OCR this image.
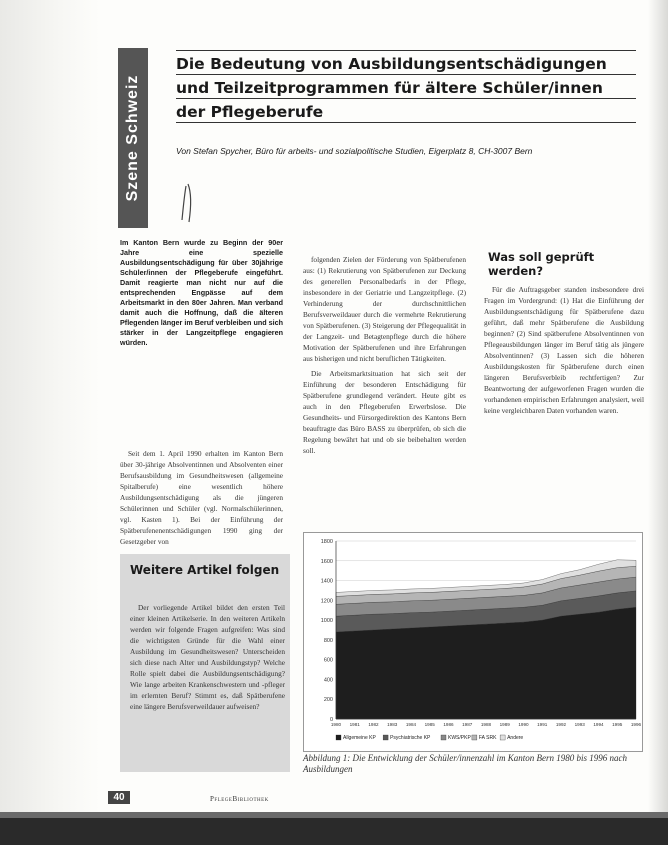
Szene Schweiz
Die Bedeutung von Ausbildungsentschädigungen
und Teilzeitprogrammen für ältere Schüler/innen
der Pflegeberufe
Von Stefan Spycher, Büro für arbeits- und sozialpolitische Studien, Eigerplatz 8, CH-3007 Bern
Im Kanton Bern wurde zu Beginn der 90er Jahre eine spezielle Ausbildungsentschädigung für über 30jährige Schüler/innen der Pflegeberufe eingeführt. Damit reagierte man nicht nur auf die entsprechenden Engpässe auf dem Arbeitsmarkt in den 80er Jahren. Man verband damit auch die Hoffnung, daß die älteren Pflegenden länger im Beruf verbleiben und sich stärker in der Langzeitpflege engagieren würden.

Seit dem 1. April 1990 erhalten im Kanton Bern über 30-jährige Absolventinnen und Absolventen einer Berufsausbildung im Gesundheitswesen (allgemeine Spitalberufe) eine wesentlich höhere Ausbildungsentschädigung als die jüngeren Schülerinnen und Schüler (vgl. Normalschülerinnen, vgl. Kasten 1). Bei der Einführung der Spätberufenenentschädigungen 1990 ging der Gesetzgeber von

folgenden Zielen der Förderung von Spätberufenen aus: (1) Rekrutierung von Spätberufenen zur Deckung des generellen Personalbedarfs in der Pflege, insbesondere in der Geriatrie und Langzeitpflege. (2) Verhinderung der durchschnittlichen Berufsverweildauer durch die vermehrte Rekrutierung von Spätberufenen. (3) Steigerung der Pflegequalität in der Langzeit- und Betagtenpflege durch die höhere Motivation der Spätberufenen und ihre Erfahrungen aus bisherigen und nicht beruflichen Tätigkeiten.

Die Arbeitsmarktsituation hat sich seit der Einführung der besonderen Entschädigung für Spätberufene grundlegend verändert. Heute gibt es auch in den Pflegeberufen Erwerbslose. Die Gesundheits- und Fürsorgedirektion des Kantons Bern beauftragte das Büro BASS zu überprüfen, ob sich die Regelung bewährt hat und ob sie beibehalten werden soll.

Was soll geprüft werden?

Für die Auftragsgeber standen insbesondere drei Fragen im Vordergrund: (1) Hat die Einführung der Ausbildungsentschädigung für Spätberufene dazu geführt, daß mehr Spätberufene die Ausbildung beginnen? (2) Sind spätberufene Absolventinnen von Pflegeausbildungen länger im Beruf tätig als jüngere Absolventinnen? (3) Lassen sich die höheren Ausbildungskosten für Spätberufene durch einen längeren Berufsverbleib rechtfertigen? Zur Beantwortung der aufgeworfenen Fragen wurden die vorhandenen empirischen Erfahrungen analysiert, weil keine vergleichbaren Daten vorhanden waren.

Weitere Artikel folgen
Der vorliegende Artikel bildet den ersten Teil einer kleinen Artikelserie. In den weiteren Artikeln werden wir folgende Fragen aufgreifen: Was sind die wichtigsten Gründe für die Wahl einer Ausbildung im Gesundheitswesen? Unterscheiden sich diese nach Alter und Ausbildungstyp? Welche Rolle spielt dabei die Ausbildungsentschädigung? Wie lange arbeiten Krankenschwestern und -pfleger im erlernten Beruf? Stimmt es, daß Spätberufene eine längere Berufsverweildauer aufweisen?
0
200
400
600
800
1000
1200
1400
1600
1800
1980 1981 1982 1983 1984 1985 1986 1987 1988 1989 1990 1991 1992 1993 1994 1995 1996
Allgemeine KP	Psychiatrische KP	KWS/PKP FA SRK Andere
Abbildung 1: Die Entwicklung der Schüler/innenzahl im Kanton Bern 1980 bis 1996 nach Ausbildungen
40	PflegeBibliothek
